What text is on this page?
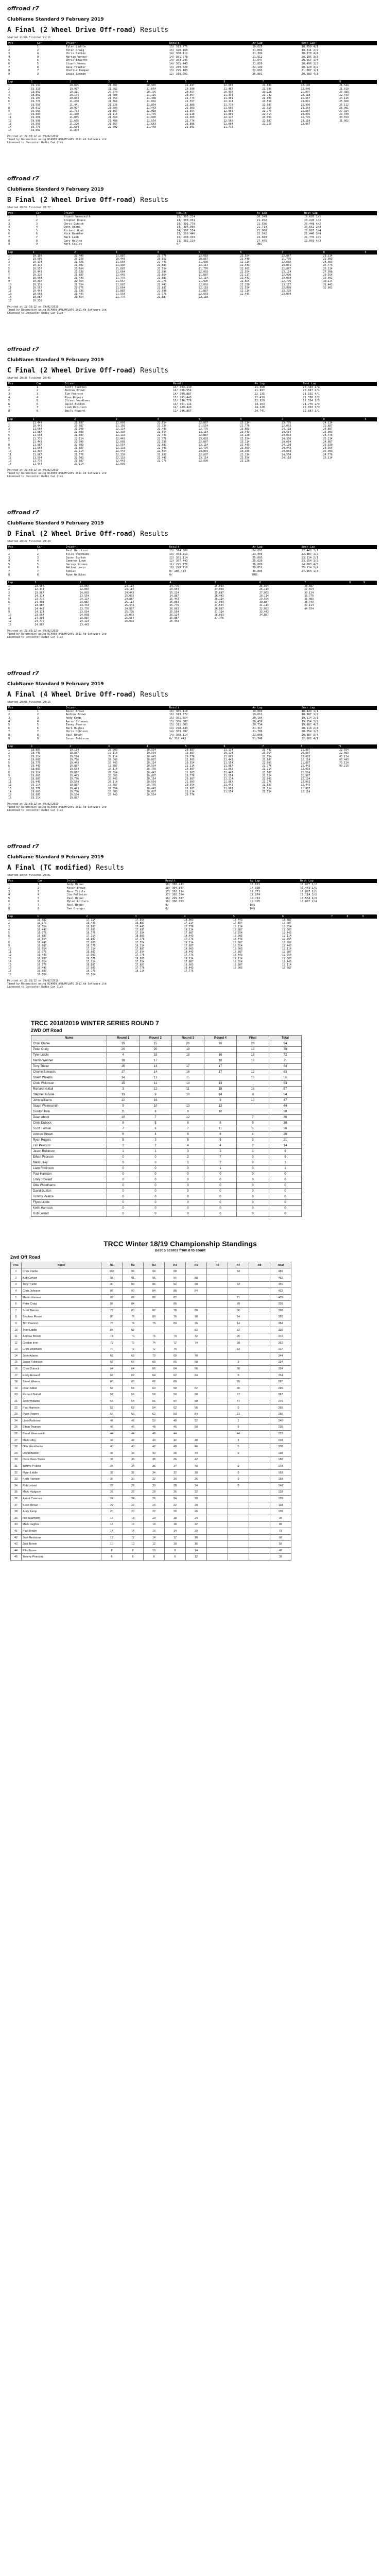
offroad r7
ClubName Standard 9 February 2019
A Final (2 Wheel Drive Off-road) Results
Started 21:04 Finished 21:11
Pos	Car	Driver	Result	Av Lap	Best Lap
1	1	Tyler Liddle	15/ 313.775	19.625	18.859 4/1
2	2	Peter Craig	15/ 320.160	21.004	19.311 2/2
3	4	Chris Davies	14/ 300.111	21.399	20.370 4/4
4	9	Martin Wenner	14/ 301.578	21.512	20.195 3/3
5	6	Chris Edwards	14/ 303.245	21.647	20.057 1/4
6	5	Stuart Weems	14/ 305.443	21.810	20.490 1/2
7	8	Dave Trieter	13/ 289.320	22.199	20.128 4/2
8	7	Chellie Kempen	13/ 295.103	22.683	21.007 1/1
9	3	Lewis Leeman	12/ 310.091	25.801	20.983 4/3
Lap	1	2	3	4	5	6	7	8	9
1	19.232	20.825	21.887	20.965	21.497	22.003	21.889	22.100	21.544
2	19.316	19.997	21.082	21.664	20.990	21.487	21.990	22.640	21.010
3	18.959	19.311	20.370	20.195	20.657	20.490	20.128	21.007	20.983
4	18.859	20.104	21.003	21.115	20.057	21.334	21.742	22.118	22.443
5	19.107	20.883	21.550	21.308	21.774	21.901	22.003	22.667	24.115
6	19.774	21.209	21.664	21.002	21.557	22.114	22.550	23.001	25.660
7	19.550	21.441	21.229	21.864	21.889	21.776	22.087	22.990	26.112
8	20.012	20.997	21.506	21.443	21.903	21.665	22.310	23.254	28.001
9	19.663	21.773	21.887	22.010	21.664	22.003	22.770	22.887	27.334
10	19.884	21.330	21.114	21.776	22.118	21.889	22.414	23.006	29.440
11	19.401	21.005	21.664	21.990	21.665	22.117	23.001	22.776	30.554
12	19.998	21.665	21.408	21.554	21.774	22.560	22.887	23.114	31.002
13	19.556	21.220	21.887	21.663	21.886	22.004	22.219	22.987	
14	19.775	21.664	22.002	21.440	22.001	21.773			
15	19.602	21.304							
Printed at 22:03:12 on 09/02/2019
Timed by Racemation using RC4000 AMB/MYLAPS 2011 Ab Software Ltd
Licensed to Doncaster Radio Car Club
offroad r7
ClubName Standard 9 February 2019
B Final (2 Wheel Drive Off-road) Results
Started 20:50 Finished 20:57
Pos	Car	Driver	Result	Av Lap	Best Lap
1	1	Stuart Weemsmith	15/ 305.224	20.348	19.605 1/1
2	2	Stephen Rouse	14/ 300.331	21.452	20.220 1/2
3	3	Chris Dubock	14/ 301.778	21.556	20.448 4/2
4	4	John Adams	14/ 304.008	21.714	20.552 2/3
5	5	Richard Hunt	14/ 307.554	21.968	20.887 1/4
6	6	Mick Rambler	13/ 290.446	22.342	21.440 3/4
7	7	Mark Lamb	13/ 298.339	22.949	21.776 2/1
8	8	Gary Walton	11/ 302.110	27.465	22.003 4/3
9	9	Mark Colley	0/	DNS	
Lap	1	2	3	4	5	6	7	8	9
1	20.102	21.443	21.887	21.776	22.010	22.554	22.887	23.114	
2	19.605	20.220	20.448	20.552	20.887	21.440	21.776	22.003	
3	20.334	21.556	21.664	21.443	21.998	22.114	22.660	24.003	
4	20.119	21.002	21.330	21.887	22.114	22.443	23.001	25.776	
5	20.557	21.664	21.887	21.554	21.776	22.003	22.887	26.114	
6	20.443	21.330	21.664	21.990	22.003	22.554	23.114	27.998	
7	20.210	21.887	21.445	21.664	21.887	22.117	22.990	28.554	
8	20.664	21.443	21.776	21.887	22.114	22.443	23.004	29.002	
9	20.330	21.664	21.557	21.776	21.990	22.664	22.776	30.114	
10	20.118	21.554	21.887	21.443	22.003	22.330	23.117	31.443	
11	20.557	21.776	21.664	21.887	22.118	22.554	22.990	32.001	
12	20.443	21.330	21.887	21.990	21.887	22.114	23.220		
13	20.664	21.443	21.554	21.776	22.003	22.443	23.004		
14	20.887	21.554	21.776	21.887	22.118				
15	20.330								
Printed at 22:03:12 on 09/02/2019
Timed by Racemation using RC4000 AMB/MYLAPS 2011 Ab Software Ltd
Licensed to Doncaster Radio Car Club
offroad r7
ClubName Standard 9 February 2019
C Final (2 Wheel Drive Off-road) Results
Started 20:36 Finished 20:43
Pos	Car	Driver	Result	Av Lap	Best Lap
1	1	Scott Tiernan	14/ 303.210	21.658	20.443 1/2
2	2	Andrew Brown	14/ 306.554	21.897	20.887 2/1
3	3	Tim Pearson	14/ 309.887	22.135	21.102 4/1
4	4	Ryan Rogers	13/ 291.443	22.419	21.330 3/2
5	5	Oliver Woodhams	13/ 296.776	22.829	21.554 1/3
6	6	David Buxton	13/ 301.114	23.163	21.776 2/4
7	7	Liam Robinson	12/ 289.443	24.120	22.003 3/3
8	8	Emily Howard	12/ 296.887	24.741	22.887 1/1
Lap	1	2	3	4	5	6	7	8	9
1	21.443	21.887	22.003	22.554	22.887	23.114	23.776	24.114	
2	20.443	20.887	21.102	21.330	21.554	21.776	22.003	22.887	
3	21.664	21.998	22.114	22.443	22.776	23.003	24.118	24.887	
4	21.887	22.003	22.330	22.554	23.114	23.443	24.554	25.003	
5	21.554	21.887	22.118	22.443	22.887	23.220	24.003	24.776	
6	21.776	22.114	22.443	22.776	23.003	23.554	24.330	25.114	
7	21.443	21.990	22.003	22.330	22.887	23.114	24.664	24.887	
8	21.887	22.003	22.554	22.887	23.114	23.443	24.118	25.330	
9	21.664	21.887	22.118	22.443	22.776	23.003	24.443	24.554	
10	21.330	22.114	22.443	22.554	23.003	23.330	24.003	25.003	
11	21.887	21.776	22.330	22.887	22.887	23.114	24.554	24.776	
12	21.554	22.003	22.118	22.443	23.114	23.554	24.118	25.114	
13	21.776	21.887	22.443	22.776	22.990	23.220			
14	21.443	22.114	22.003						
Printed at 22:03:12 on 09/02/2019
Timed by Racemation using RC4000 AMB/MYLAPS 2011 Ab Software Ltd
Licensed to Doncaster Radio Car Club
offroad r7
ClubName Standard 9 February 2019
D Final (2 Wheel Drive Off-road) Results
Started 20:22 Finished 20:29
Pos	Car	Driver	Result	Av Lap	Best Lap
1	1	Paul Harrison	13/ 314.200	24.092	22.443 1/1
2	2	Ellis Woodhams	13/ 304.311	23.409	22.887 1/2
3	3	Jason Burton	12/ 301.114	25.093	23.114 2/1
4	4	Cameron Lowe	12/ 307.443	25.620	23.554 3/2
5	5	Harvey Stones	11/ 295.776	26.889	24.003 4/3
6	6	Nathan Lewis	10/ 298.110	29.811	25.114 2/4
7	7	Tobias	8/ 286.443	35.805	27.554 1/3
8	8	Ryan Watkins	0/	DNS	
Lap	1	2	3	4	5	6	7	8	9
1	23.554	23.887	24.114	24.776	25.003	26.554	28.887		
2	22.443	22.887	23.114	23.554	24.003	25.114	27.554		
3	23.887	24.003	24.443	25.114	25.887	27.003	30.114		
4	24.114	23.554	25.003	24.887	26.443	28.114	33.776		
5	23.776	24.114	24.887	25.443	26.114	29.554	35.003		
6	24.003	23.887	25.114	25.003	27.003	30.887	38.443		
7	23.887	23.443	25.443	25.776	27.554	31.114	40.114		
8	24.443	23.776	24.887	26.003	26.887	32.003	44.554		
9	24.114	23.554	25.776	25.554	27.114	33.443			
10	23.554	24.003	25.003	26.114	28.003	34.887			
11	24.003	23.887	25.554	25.887	27.776				
12	24.776	24.114	26.003	26.443					
13	24.887	23.443							
Printed at 22:03:12 on 09/02/2019
Timed by Racemation using RC4000 AMB/MYLAPS 2011 Ab Software Ltd
Licensed to Doncaster Radio Car Club
offroad r7
ClubName Standard 9 February 2019
A Final (4 Wheel Drive Off-road) Results
Started 20:08 Finished 20:15
Pos	Car	Driver	Result	Av Lap	Best Lap
1	1	Kevin Brown	16/ 305.110	19.069	18.443 1/1
2	2	Andrew Brown	16/ 313.772	19.611	18.887 1/2
3	3	Andy Kemp	15/ 301.554	20.104	19.114 2/1
4	4	Aaron Coleman	15/ 306.887	20.459	19.554 3/2
5	5	Tanny Pearce	15/ 311.003	20.734	19.887 4/3
6	6	Mark Hughes	14/ 298.443	21.317	20.114 2/4
7	7	Chris Johnson	14/ 303.887	21.706	20.554 1/3
8	8	Paul Brown	14/ 308.114	22.008	20.887 3/4
9	9	Jason Robinson	6/ 310.443	51.740	22.003 4/1
Lap	1	2	3	4	5	6	7	8	9
1	18.887	19.114	20.003	20.554	20.887	21.114	21.443	21.887	22.554
2	18.443	18.887	19.114	19.554	19.887	20.114	20.554	20.887	22.003
3	19.114	19.554	20.114	20.443	20.776	21.003	21.554	22.003	45.114
4	19.003	19.776	20.003	20.887	21.003	21.443	21.887	22.114	60.443
5	18.776	19.443	20.443	20.114	20.554	21.554	22.003	21.887	70.114
6	19.443	19.887	19.887	20.554	21.114	21.887	21.776	22.443	90.215
7	18.887	19.554	20.114	20.776	20.887	21.003	22.114	22.003	
8	19.114	19.887	20.554	20.443	21.003	21.443	21.887	22.554	
9	19.003	19.443	20.003	20.887	20.776	21.554	21.554	21.887	
10	18.887	19.776	20.443	20.114	20.887	21.114	22.003	22.114	
11	19.443	19.554	20.114	20.554	21.003	21.887	21.776	22.003	
12	19.114	19.887	19.887	20.776	20.554	21.443	21.887	22.443	
13	18.776	19.443	20.554	20.443	20.887	21.003	22.114	21.887	
14	19.003	19.776	20.003	20.887	21.114	21.554	21.554	22.114	
15	18.887	19.554	20.443	20.554	20.776				
16	19.114	19.887							
Printed at 22:03:12 on 09/02/2019
Timed by Racemation using RC4000 AMB/MYLAPS 2011 Ab Software Ltd
Licensed to Doncaster Radio Car Club
offroad r7
ClubName Standard 9 February 2019
A Final (TC modified) Results
Started 19:54 Finished 20:01
Pos	Car	Driver	Result	Av Lap	Best Lap
1	1	Andy Brown	18/ 300.443	16.691	16.077 1/2
2	2	Kevin Brown	18/ 304.887	16.938	16.443 1/1
3	3	Ross Tittle	17/ 302.114	17.771	16.887 2/1
4	4	Jim Pelleton	17/ 305.554	17.974	17.114 3/2
5	5	Paul Brown	16/ 299.887	18.743	17.554 4/3
6	6	Mylor Arthurs	16/ 306.003	19.125	17.887 2/4
7	7	Abel Brown	0/	DNS	
8	8	Sam Granger	0/	DNS	
Lap	1	2	3	4	5	6	7	8	9
1	16.887	17.114	17.554	18.003	18.443	18.887			
2	16.077	16.443	16.887	17.114	17.554	17.887			
3	16.554	16.887	17.443	17.776	18.114	18.554			
4	16.443	17.003	17.887	18.114	18.887	19.003			
5	16.776	16.776	17.554	17.887	18.554	19.443			
6	16.887	17.114	18.003	18.443	19.003	19.114			
7	16.554	16.887	17.776	17.776	18.443	19.554			
8	16.443	17.003	17.554	18.114	18.887	18.887			
9	16.887	16.776	18.114	17.887	18.554	19.443			
10	16.554	17.114	17.887	18.003	19.003	19.114			
11	16.776	16.887	17.554	18.443	18.887	19.887			
12	16.443	17.003	17.776	17.776	18.443	19.554			
13	16.887	16.776	18.003	18.114	19.114	19.003			
14	16.554	17.114	17.554	17.887	18.554	19.443			
15	16.776	16.887	17.887	18.003	18.887	19.114			
16	16.443	17.003	17.776	18.443	19.003	18.887			
17	16.887	16.776	18.114	17.776					
18	16.554	17.114							
Printed at 22:03:12 on 09/02/2019
Timed by Racemation using RC4000 AMB/MYLAPS 2011 Ab Software Ltd
Licensed to Doncaster Radio Car Club
TRCC 2018/2019 WINTER SERIES ROUND 7
2WD Off Road
Name	Round 1	Round 2	Round 3	Round 4	Final	Total
Chris Clarke	19	15	20	20	20	94
Peter Craig	20	20	19		19	78
Tyler Liddle	4	18	18	16	16	72
Martin Wenner	18	17		18	18	71
Tony Trieter	16	14	17	17		64
Charlie Edwards	17	14	16	17	12	63
Stuart Weems	14	13	15		13	55
Chris Wilkinson	15	11	14	13		53
Richard Nuttall	3	12	11	15	16	57
Stephen Rouse	13	9	10	14	8	54
John Williams	12	16		9	10	47
Stuart Weemsmith	9	10	13	12		44
Gordon Irvin	11	8	9	10		38
Dean Abbot	10	7	12		7	36
Chris Dubock	8	5	8	8	9	38
Scott Tiernan	7	6	7	11	5	36
Andrew Brown	6	4	6	6	4	26
Ryan Rogers	5	3	5	5	3	21
Tim Pearson	2	2	4	4	2	14
Jason Robinson	1	1	3	3	1	9
Ethan Pearson	0	0	2	7	0	9
Mark Lilley	0	0	1	2	0	3
Liam Robinson	0	0	0	1	0	1
Paul Harrison	0	0	0	0	0	0
Emily Howard	0	0	0	0	0	0
Ollie Woodhams	0	0	0	0	0	0
David Buxton	0	0	0	0	0	0
Tommy Pearce	0	0	0	0	0	0
Flynn Liddle	0	0	0	0	0	0
Keith Harrison	0	0	0	0	0	0
Rob Leland	0	0	0	0	0	0
TRCC Winter 18/19 Championship Standings
Best 5 scores from 8 to count
2wd Off Road
Pos	Name	R1	R2	R3	R4	R5	R6	R7	R8	Total
1	Chris Clarke	100	96	94	98			94		482
2	Bob Colvert	93	91	96	94	88				462
3	Tony Trieter	90	88	86	92	90		64		446
4	Chris Johnson	86	90	84	88	84				432
5	Martin Wenner	82	86	88	82			71		409
6	Peter Craig	88	84		86			78		336
7	Scott Tiernan	78	80	82	78	80		36		398
8	Stephen Rouse	80	78	80	76	78		54		392
9	Tim Pearson	76	74	78	80	76		14		384
10	Tyler Liddle	84	82			82		72		320
11	Andrew Brown	74	76	76	74	72		26		372
12	Gordon Irvin	72	70	74	72	74		38		362
13	Chris Wilkinson	70	72	72	70			53		337
14	John Adams	68	68	70	68	70				344
15	Jason Robinson	66	66	68	66	68		9		334
16	Chris Dubock	64	64	66	64	66		38		324
17	Emily Howard	62	62	64	62	64		0		314
18	Stuart Weems	60	60	62	60			55		297
19	Dean Abbot	58	58	60	58	62		36		296
20	Richard Nuttall	56	56	58	56	60		57		287
21	John Williams	54	54	56	54	58		47		276
22	Paul Harrison	52	52	54	52	56		0		266
23	Ryan Rogers	50	50	52	50	54		21		256
24	Liam Robinson	48	48	50	48	52		1		246
25	Ethan Pearson	46	46	48	46	50		9		236
26	Stuart Weemsmith	44	44	46	44			44		222
27	Mark Lilley	42	42	44	42	48		3		218
28	Ollie Woodhams	40	40	42	40	46		0		208
29	David Buxton	38	38	40	38	44		0		198
30	Dave Rees-Trieter	36	36	38	36	42				188
31	Tommy Pearce	34	34	36	34	40		0		178
32	Flynn Liddle	32	32	34	32	38		0		168
33	Keith Harrison	30	30	32	30	36		0		158
34	Rob Leland	28	28	30	28	34		0		148
35	Mark Hudgson	26	26	28	26	32				138
36	Aaron Coleman	24	24	26	24	30				128
37	Kevin Brown	22	22	24	22	28				118
38	Andy Kemp	20	20	22	20	26				108
39	Neil Adamson	18	18	20	18	24				98
40	Mark Hughes	16	16	18	16	22				88
41	Paul Brown	14	14	16	14	20				78
42	Josh Redstone	12	12	14	12	18				68
43	Jack Brown	10	10	12	10	16				58
44	Ellis Brown	8	8	10	8	14				48
45	Tommy Pearson	6	6	8	6	12				38
